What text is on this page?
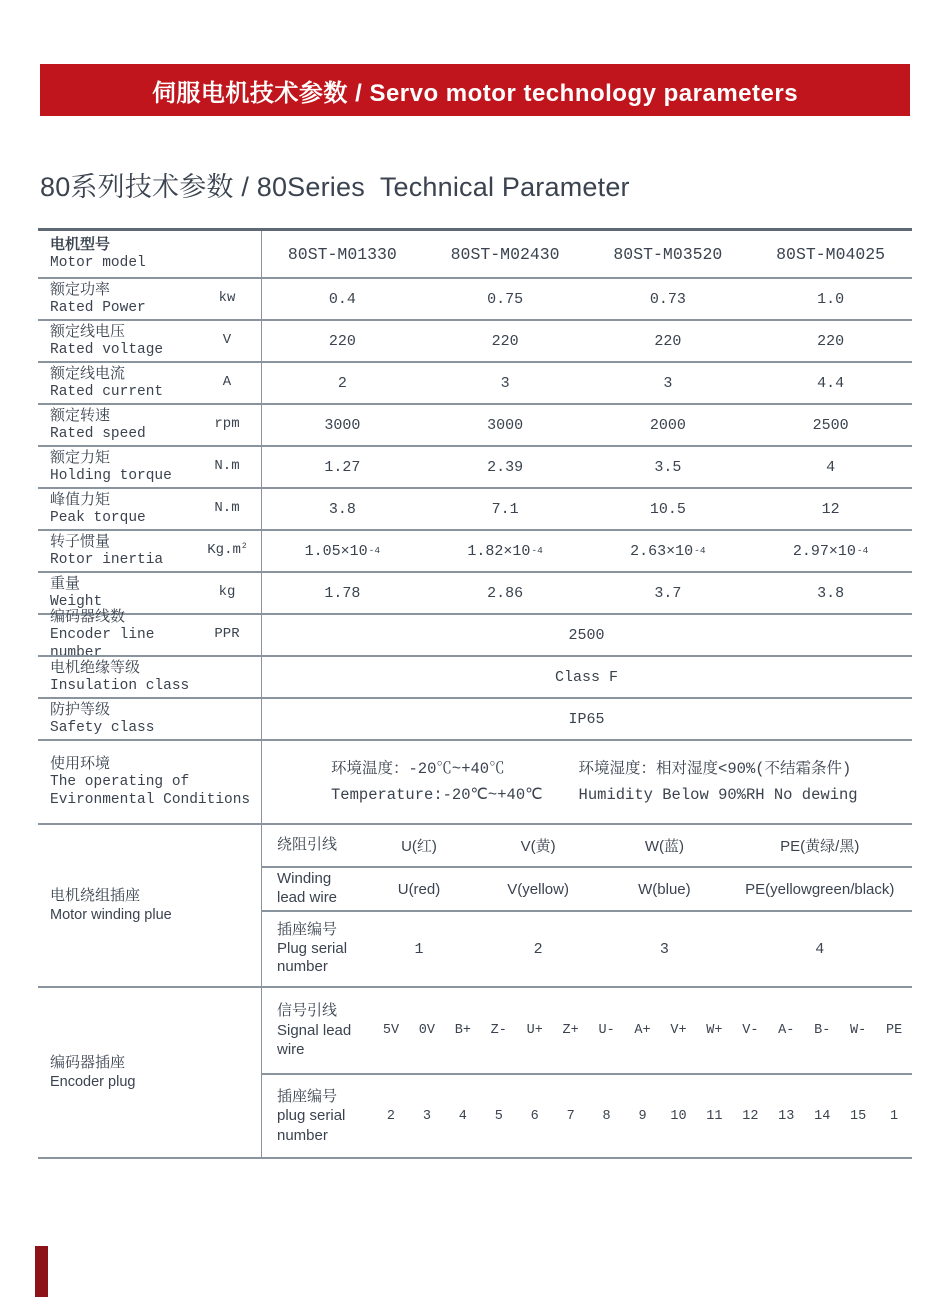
伺服电机技术参数 / Servo motor technology parameters
80系列技术参数 / 80Series  Technical Parameter
电机型号
Motor model	80ST-M01330	80ST-M02430	80ST-M03520	80ST-M04025
额定功率
Rated Power
kw	0.4	0.75	0.73	1.0
额定线电压
Rated voltage
V	220	220	220	220
额定线电流
Rated current
A	2	3	3	4.4
额定转速
Rated speed
rpm	3000	3000	2000	2500
额定力矩
Holding torque
N.m	1.27	2.39	3.5	4
峰值力矩
Peak torque
N.m	3.8	7.1	10.5	12
转子惯量
Rotor inertia
$Kg.m^2$	1.05×10 -4	1.82×10 -4	2.63×10 -4	2.97×10 -4
重量
Weight
kg	1.78	2.86	3.7	3.8
编码器线数
Encoder line number
PPR	2500
电机绝缘等级
Insulation class
Class F
防护等级
Safety class
IP65
使用环境
The operating of Evironmental Conditions
环境温度：-20℃~+40℃
Temperature:-20℃~+40℃
环境湿度：相对湿度<90%(不结霜条件)
Humidity Below 90%RH No dewing
电机绕组插座
Motor winding plue
绕阻引线	U(红)	V(黄)	W(蓝)	PE(黄绿/黑)
Winding lead wire	U(red)	V(yellow)	W(blue)	PE(yellowgreen/black)
插座编号
Plug serial number
1	2	3	4
编码器插座
Encoder plug
信号引线
Signal lead wire
5V	0V	B+	Z-	U+	Z+	U-	A+	V+	W+	V-	A-	B-	W-	PE
插座编号
plug serial number
2	3	4	5	6	7	8	9	10	11	12	13	14	15	1
